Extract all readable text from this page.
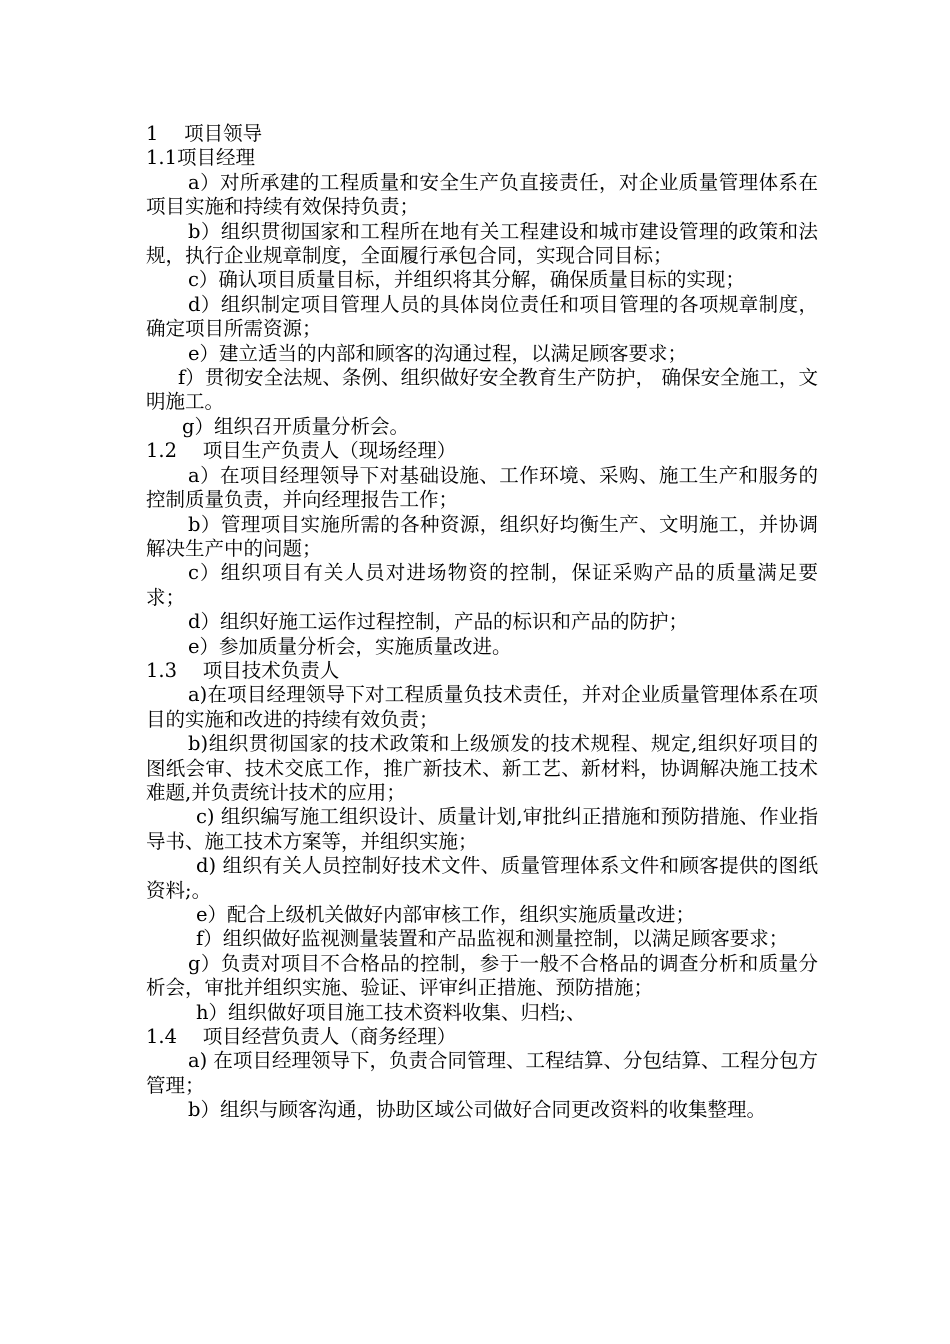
1　 项目领导

1.1项目经理

a）对所承建的工程质量和安全生产负直接责任，对企业质量管理体系在项目实施和持续有效保持负责；

b）组织贯彻国家和工程所在地有关工程建设和城市建设管理的政策和法规，执行企业规章制度，全面履行承包合同，实现合同目标；

c）确认项目质量目标，并组织将其分解，确保质量目标的实现；

d）组织制定项目管理人员的具体岗位责任和项目管理的各项规章制度，确定项目所需资源；

e）建立适当的内部和顾客的沟通过程，以满足顾客要求；

f）贯彻安全法规、条例、组织做好安全教育生产防护， 确保安全施工，文明施工。

g）组织召开质量分析会。

1.2　 项目生产负责人（现场经理）

a）在项目经理领导下对基础设施、工作环境、采购、施工生产和服务的控制质量负责，并向经理报告工作；

b）管理项目实施所需的各种资源，组织好均衡生产、文明施工，并协调解决生产中的问题；

c）组织项目有关人员对进场物资的控制，保证采购产品的质量满足要求；

d）组织好施工运作过程控制，产品的标识和产品的防护；

e）参加质量分析会，实施质量改进。

1.3　 项目技术负责人

a)在项目经理领导下对工程质量负技术责任，并对企业质量管理体系在项目的实施和改进的持续有效负责；

b)组织贯彻国家的技术政策和上级颁发的技术规程、规定,组织好项目的图纸会审、技术交底工作，推广新技术、新工艺、新材料，协调解决施工技术难题,并负责统计技术的应用；

c) 组织编写施工组织设计、质量计划,审批纠正措施和预防措施、作业指导书、施工技术方案等，并组织实施；

d) 组织有关人员控制好技术文件、质量管理体系文件和顾客提供的图纸资料;。

e）配合上级机关做好内部审核工作，组织实施质量改进；

f）组织做好监视测量装置和产品监视和测量控制，以满足顾客要求；

g）负责对项目不合格品的控制，参于一般不合格品的调查分析和质量分析会，审批并组织实施、验证、评审纠正措施、预防措施；

h）组织做好项目施工技术资料收集、归档;、

1.4　 项目经营负责人（商务经理）

a) 在项目经理领导下，负责合同管理、工程结算、分包结算、工程分包方管理；

b）组织与顾客沟通，协助区域公司做好合同更改资料的收集整理。
